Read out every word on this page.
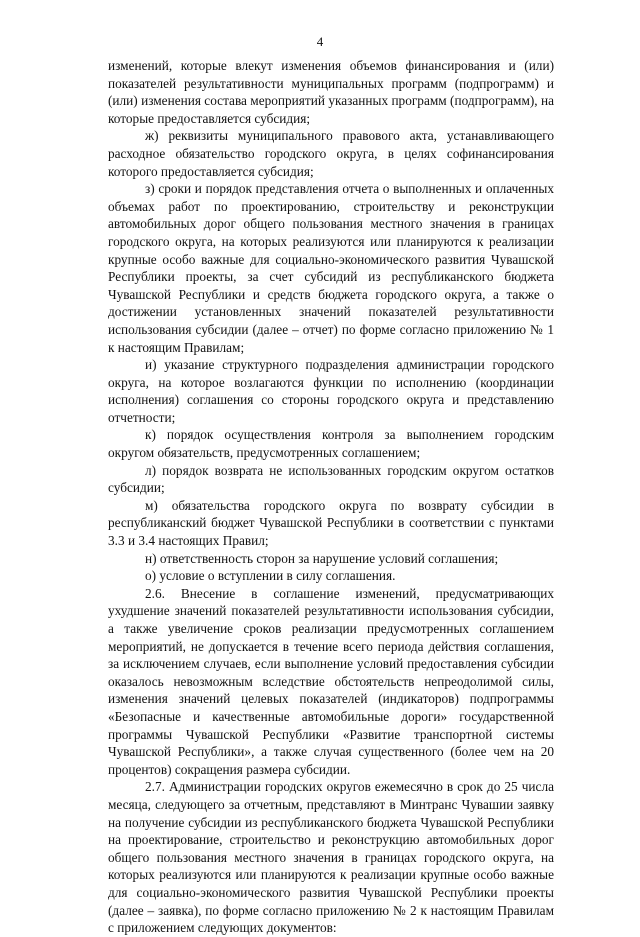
4

изменений, которые влекут изменения объемов финансирования и (или) показателей результативности муниципальных программ (подпрограмм) и (или) изменения состава мероприятий указанных программ (подпрограмм), на которые предоставляется субсидия;

ж) реквизиты муниципального правового акта, устанавливающего расходное обязательство городского округа, в целях софинансирования которого предоставляется субсидия;

з) сроки и порядок представления отчета о выполненных и оплаченных объемах работ по проектированию, строительству и реконструкции автомобильных дорог общего пользования местного значения в границах городского округа, на которых реализуются или планируются к реализации крупные особо важные для социально-экономического развития Чувашской Республики проекты, за счет субсидий из республиканского бюджета Чувашской Республики и средств бюджета городского округа, а также о достижении установленных значений показателей результативности использования субсидии (далее – отчет) по форме согласно приложению № 1 к настоящим Правилам;

и) указание структурного подразделения администрации городского округа, на которое возлагаются функции по исполнению (координации исполнения) соглашения со стороны городского округа и представлению отчетности;

к) порядок осуществления контроля за выполнением городским округом обязательств, предусмотренных соглашением;

л) порядок возврата не использованных городским округом остатков субсидии;

м) обязательства городского округа по возврату субсидии в республиканский бюджет Чувашской Республики в соответствии с пунктами 3.3 и 3.4 настоящих Правил;

н) ответственность сторон за нарушение условий соглашения;

о) условие о вступлении в силу соглашения.

2.6. Внесение в соглашение изменений, предусматривающих ухудшение значений показателей результативности использования субсидии, а также увеличение сроков реализации предусмотренных соглашением мероприятий, не допускается в течение всего периода действия соглашения, за исключением случаев, если выполнение условий предоставления субсидии оказалось невозможным вследствие обстоятельств непреодолимой силы, изменения значений целевых показателей (индикаторов) подпрограммы «Безопасные и качественные автомобильные дороги» государственной программы Чувашской Республики «Развитие транспортной системы Чувашской Республики», а также случая существенного (более чем на 20 процентов) сокращения размера субсидии.

2.7. Администрации городских округов ежемесячно в срок до 25 числа месяца, следующего за отчетным, представляют в Минтранс Чувашии заявку на получение субсидии из республиканского бюджета Чувашской Республики на проектирование, строительство и реконструкцию автомобильных дорог общего пользования местного значения в границах городского округа, на которых реализуются или планируются к реализации крупные особо важные для социально-экономического развития Чувашской Республики проекты (далее – заявка), по форме согласно приложению № 2 к настоящим Правилам с приложением следующих документов:
